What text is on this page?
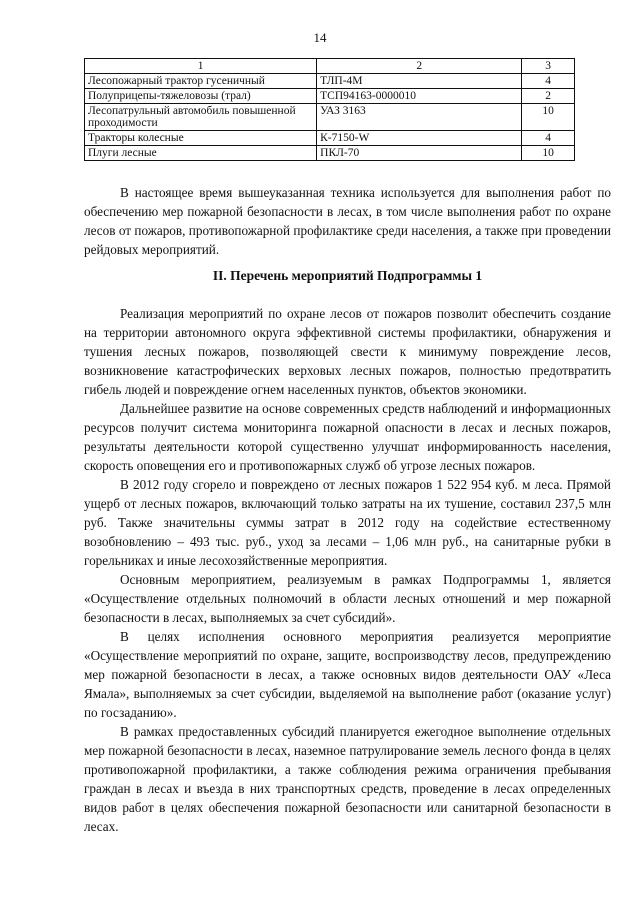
14
1	2	3
Лесопожарный трактор гусеничный	ТЛП-4М	4
Полуприцепы-тяжеловозы (трал)	ТСП94163-0000010	2
Лесопатрульный автомобиль повышенной проходимости	УАЗ 3163	10
Тракторы колесные	К-7150-W	4
Плуги лесные	ПКЛ-70	10

В настоящее время вышеуказанная техника используется для выполнения работ по обеспечению мер пожарной безопасности в лесах, в том числе выполнения работ по охране лесов от пожаров, противопожарной профилактике среди населения, а также при проведении рейдовых мероприятий.

II. Перечень мероприятий Подпрограммы 1

Реализация мероприятий по охране лесов от пожаров позволит обеспечить создание на территории автономного округа эффективной системы профилактики, обнаружения и тушения лесных пожаров, позволяющей свести к минимуму повреждение лесов, возникновение катастрофических верховых лесных пожаров, полностью предотвратить гибель людей и повреждение огнем населенных пунктов, объектов экономики.

Дальнейшее развитие на основе современных средств наблюдений и информационных ресурсов получит система мониторинга пожарной опасности в лесах и лесных пожаров, результаты деятельности которой существенно улучшат информированность населения, скорость оповещения его и противопожарных служб об угрозе лесных пожаров.

В 2012 году сгорело и повреждено от лесных пожаров 1 522 954 куб. м леса. Прямой ущерб от лесных пожаров, включающий только затраты на их тушение, составил 237,5 млн руб. Также значительны суммы затрат в 2012 году на содействие естественному возобновлению – 493 тыс. руб., уход за лесами – 1,06 млн руб., на санитарные рубки в горельниках и иные лесохозяйственные мероприятия.

Основным мероприятием, реализуемым в рамках Подпрограммы 1, является «Осуществление отдельных полномочий в области лесных отношений и мер пожарной безопасности в лесах, выполняемых за счет субсидий».

В целях исполнения основного мероприятия реализуется мероприятие «Осуществление мероприятий по охране, защите, воспроизводству лесов, предупреждению мер пожарной безопасности в лесах, а также основных видов деятельности ОАУ «Леса Ямала», выполняемых за счет субсидии, выделяемой на выполнение работ (оказание услуг) по госзаданию».

В рамках предоставленных субсидий планируется ежегодное выполнение отдельных мер пожарной безопасности в лесах, наземное патрулирование земель лесного фонда в целях противопожарной профилактики, а также соблюдения режима ограничения пребывания граждан в лесах и въезда в них транспортных средств, проведение в лесах определенных видов работ в целях обеспечения пожарной безопасности или санитарной безопасности в лесах.
